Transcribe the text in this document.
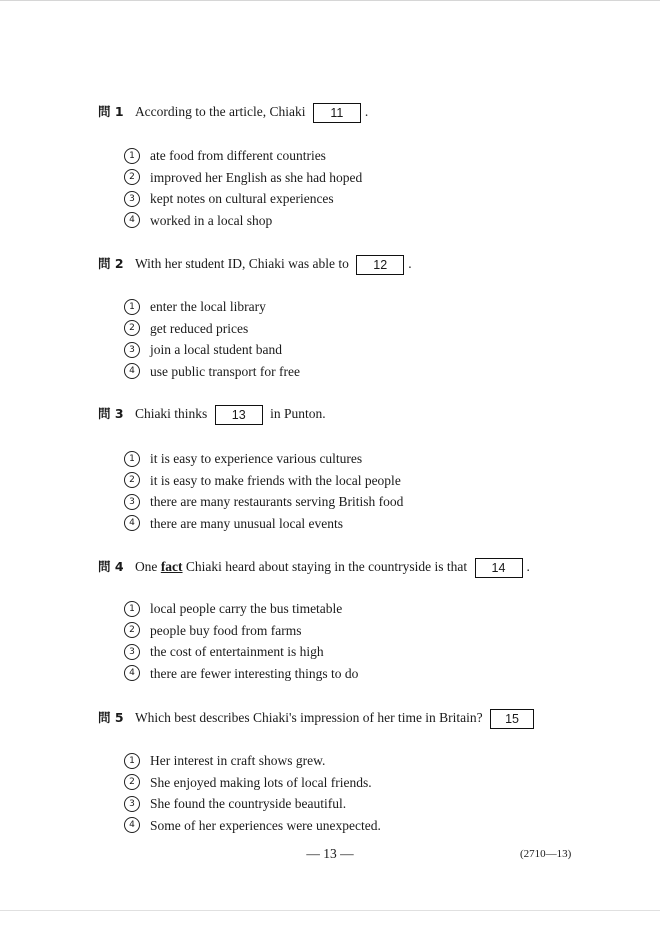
問 1 According to the article, Chiaki 11 .
1	ate food from different countries
2	improved her English as she had hoped
3	kept notes on cultural experiences
4	worked in a local shop
問 2 With her student ID, Chiaki was able to 12 .
1	enter the local library
2	get reduced prices
3	join a local student band
4	use public transport for free
問 3 Chiaki thinks 13 in Punton.
1	it is easy to experience various cultures
2	it is easy to make friends with the local people
3	there are many restaurants serving British food
4	there are many unusual local events
問 4 One fact Chiaki heard about staying in the countryside is that 14 .
1	local people carry the bus timetable
2	people buy food from farms
3	the cost of entertainment is high
4	there are fewer interesting things to do
問 5 Which best describes Chiaki's impression of her time in Britain? 15
1	Her interest in craft shows grew.
2	She enjoyed making lots of local friends.
3	She found the countryside beautiful.
4	Some of her experiences were unexpected.
— 13 —	(2710—13)
